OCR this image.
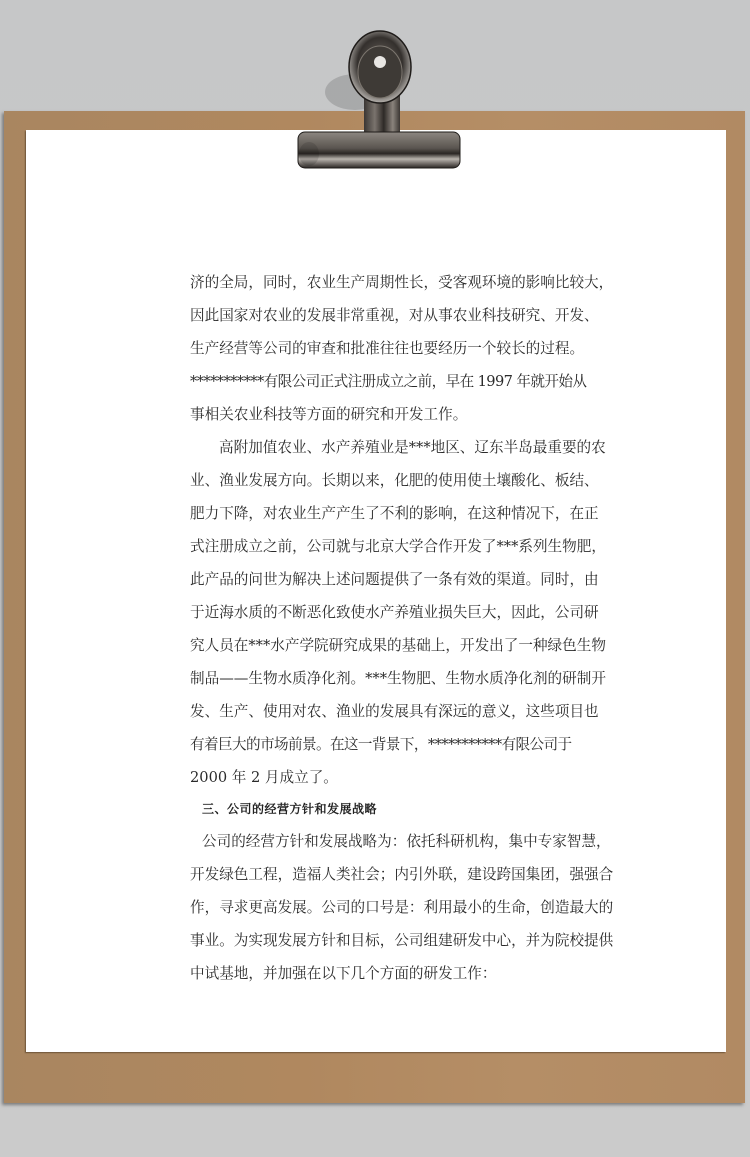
济的全局，同时，农业生产周期性长，受客观环境的影响比较大，
因此国家对农业的发展非常重视，对从事农业科技研究、开发、
生产经营等公司的审查和批准往往也要经历一个较长的过程。
***********有限公司正式注册成立之前，早在 1997 年就开始从
事相关农业科技等方面的研究和开发工作。
高附加值农业、水产养殖业是***地区、辽东半岛最重要的农
业、渔业发展方向。长期以来，化肥的使用使土壤酸化、板结、
肥力下降，对农业生产产生了不利的影响，在这种情况下，在正
式注册成立之前，公司就与北京大学合作开发了***系列生物肥，
此产品的问世为解决上述问题提供了一条有效的渠道。同时，由
于近海水质的不断恶化致使水产养殖业损失巨大，因此，公司研
究人员在***水产学院研究成果的基础上，开发出了一种绿色生物
制品——生物水质净化剂。***生物肥、生物水质净化剂的研制开
发、生产、使用对农、渔业的发展具有深远的意义，这些项目也
有着巨大的市场前景。在这一背景下，***********有限公司于
2000 年 2 月成立了。
三、公司的经营方针和发展战略
公司的经营方针和发展战略为：依托科研机构，集中专家智慧，
开发绿色工程，造福人类社会；内引外联，建设跨国集团，强强合
作，寻求更高发展。公司的口号是：利用最小的生命，创造最大的
事业。为实现发展方针和目标，公司组建研发中心，并为院校提供
中试基地，并加强在以下几个方面的研发工作：
